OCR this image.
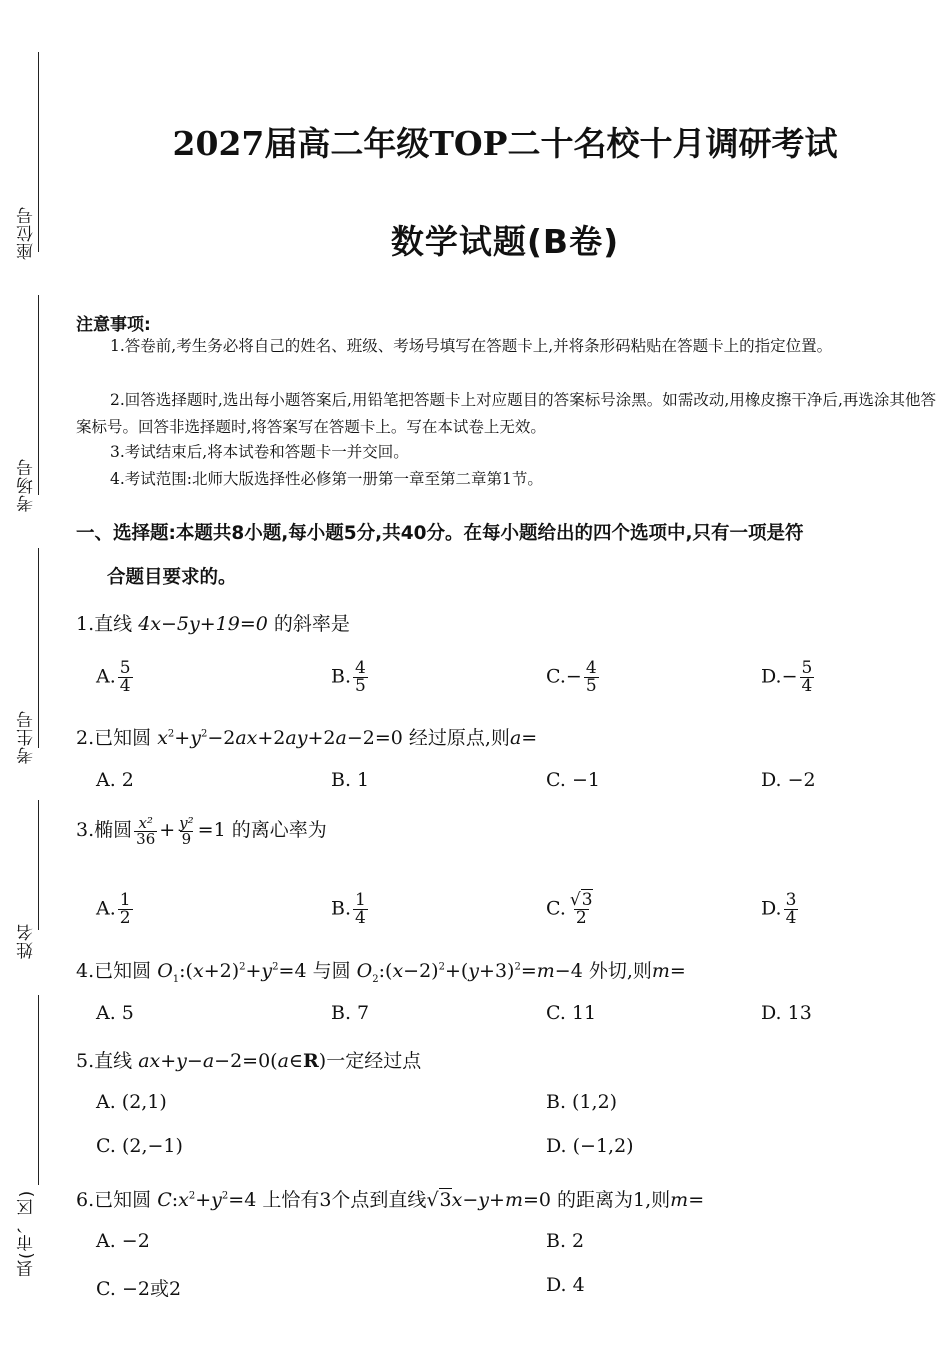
座位号
考场号
考生号
姓名
县(市、区)
2027届高二年级TOP二十名校十月调研考试
数学试题(B卷)
注意事项:
1.答卷前,考生务必将自己的姓名、班级、考场号填写在答题卡上,并将条形码粘贴在答题卡上的指定位置。
2.回答选择题时,选出每小题答案后,用铅笔把答题卡上对应题目的答案标号涂黑。如需改动,用橡皮擦干净后,再选涂其他答案标号。回答非选择题时,将答案写在答题卡上。写在本试卷上无效。
3.考试结束后,将本试卷和答题卡一并交回。
4.考试范围:北师大版选择性必修第一册第一章至第二章第1节。
一、选择题:本题共8小题,每小题5分,共40分。在每小题给出的四个选项中,只有一项是符
合题目要求的。
1.直线 4x−5y+19=0 的斜率是
A. $\frac{5}{4}$	B. $\frac{4}{5}$	$C.- \frac{4}{5}$	$D.- \frac{5}{4}$
2.已知圆 $x^2+y^2-2ax+2ay+2a-2=0$ 经过原点,则a=
A. 2	B. 1	C. −1	D. −2
3.椭圆 $\frac{\text{x²}}{36} + \frac{\text{y²}}{9} =1$ 的离心率为
A. $\frac{1}{2}$	B. $\frac{1}{4}$	C. $\frac{√3}{2}$	D. $\frac{3}{4}$
4.已知圆 $O_1:(x+2)^2+y^2=4$ 与圆 $O_2:(x-2)^2+(y+3)^2=m-4$ 外切,则m=
A. 5	B. 7	C. 11	D. 13
5.直线 ax+y−a−2=0(a∈R)一定经过点
A. (2,1)	B. (1,2)
C. (2,−1)	D. (−1,2)
6.已知圆 $C:x^2+y^2=4$ 上恰有3个点到直线√3x−y+m=0 的距离为1,则m=
A. −2	B. 2
C. −2或2	D. 4
